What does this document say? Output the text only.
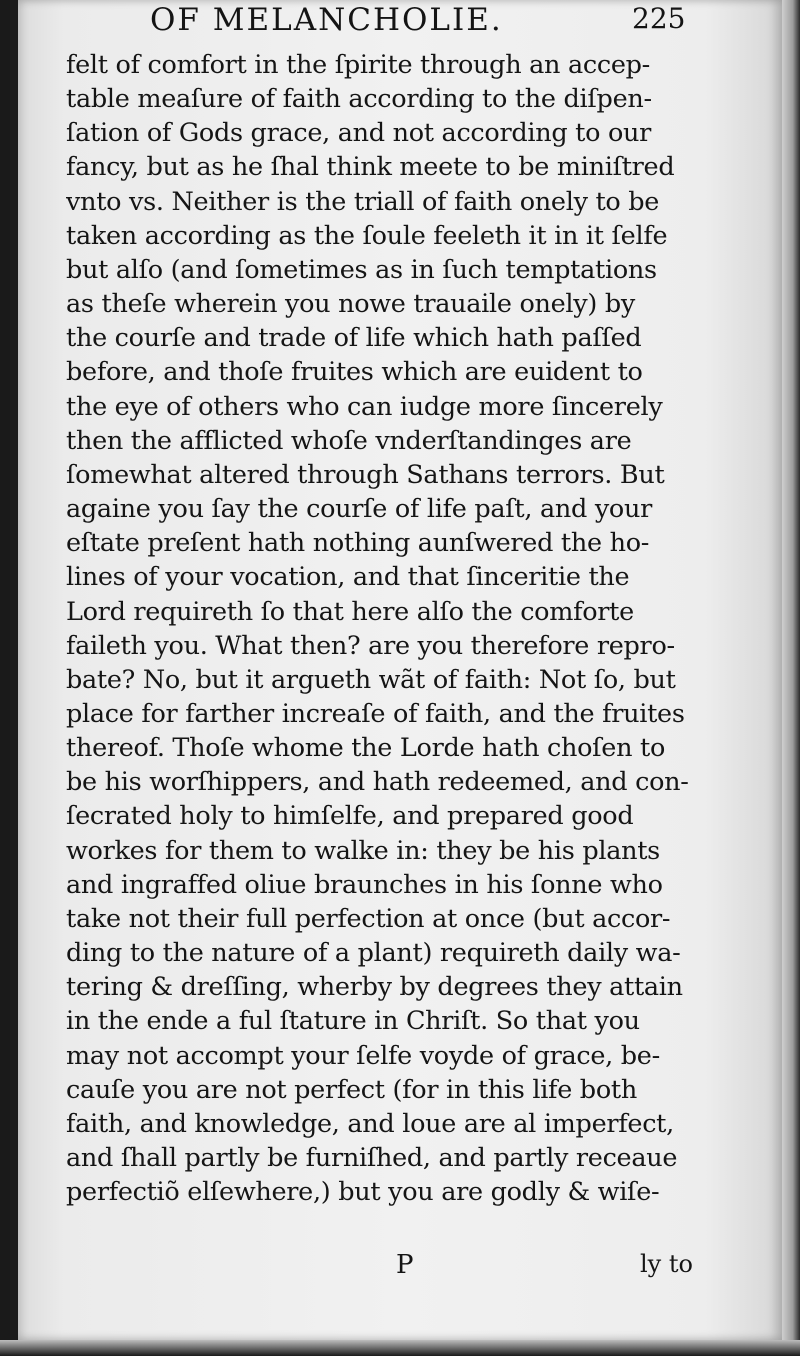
OF MELANCHOLIE.	225
felt of comfort in the ſpirite through an accep-
table meaſure of faith according to the diſpen-
ſation of Gods grace, and not according to our
fancy, but as he ſhal think meete to be miniſtred
vnto vs. Neither is the triall of faith onely to be
taken according as the ſoule feeleth it in it ſelfe
but alſo (and ſometimes as in ſuch temptations
as theſe wherein you nowe trauaile onely) by
the courſe and trade of life which hath paſſed
before, and thoſe fruites which are euident to
the eye of others who can iudge more ſincerely
then the afflicted whoſe vnderſtandinges are
ſomewhat altered through Sathans terrors. But
againe you ſay the courſe of life paſt, and your
eſtate preſent hath nothing aunſwered the ho-
lines of your vocation, and that ſinceritie the
Lord requireth ſo that here alſo the comforte
faileth you. What then? are you therefore repro-
bate? No, but it argueth wãt of faith: Not ſo, but
place for farther increaſe of faith, and the fruites
thereof. Thoſe whome the Lorde hath choſen to
be his worſhippers, and hath redeemed, and con-
ſecrated holy to himſelfe, and prepared good
workes for them to walke in: they be his plants
and ingraffed oliue braunches in his ſonne who
take not their full perfection at once (but accor-
ding to the nature of a plant) requireth daily wa-
tering & dreſſing, wherby by degrees they attain
in the ende a ful ſtature in Chriſt. So that you
may not accompt your ſelfe voyde of grace, be-
cauſe you are not perfect (for in this life both
faith, and knowledge, and loue are al imperfect,
and ſhall partly be furniſhed, and partly receaue
perfectiõ elſewhere,) but you are godly & wiſe-
P	ly to
